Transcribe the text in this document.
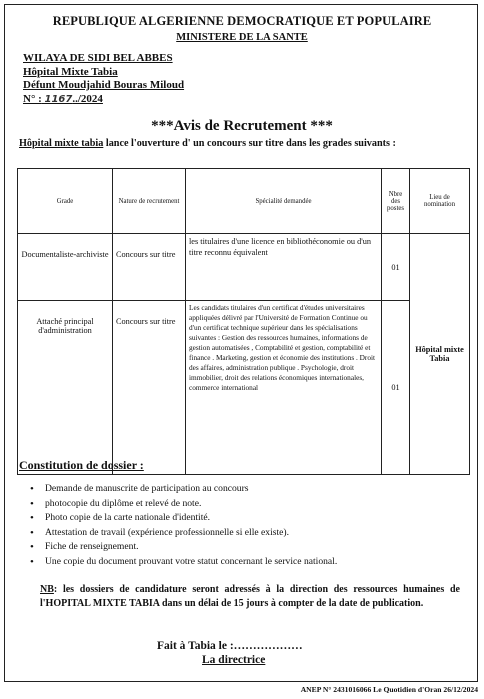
REPUBLIQUE ALGERIENNE DEMOCRATIQUE ET POPULAIRE
MINISTERE DE LA SANTE
WILAYA DE SIDI BEL ABBES
Hôpital Mixte Tabia
Défunt Moudjahid Bouras Miloud
N° : 1167../2024
***Avis de Recrutement ***
Hôpital mixte tabia lance l'ouverture d' un concours sur titre dans les grades suivants :
Grade	Nature de recrutement	Spécialité demandée	Nbre des postes	Lieu de nomination
Documentaliste-archiviste	Concours sur titre	les titulaires d'une licence en bibliothéconomie ou d'un titre reconnu équivalent	01	Hôpital mixte Tabia
Attaché principal d'administration	Concours sur titre	Les candidats titulaires d'un certificat d'études universitaires appliquées délivré par l'Université de Formation Continue ou d'un certificat technique supérieur dans les spécialisations suivantes : Gestion des ressources humaines, informations de gestion automatisées , Comptabilité et gestion, comptabilité et finance . Marketing, gestion et économie des institutions . Droit des affaires, administration publique . Psychologie, droit immobilier, droit des relations économiques internationales, commerce international	01	
Constitution de dossier :
• Demande de manuscrite de participation au concours
• photocopie du diplôme et relevé de note.
• Photo copie de la carte nationale d'identité.
• Attestation de travail (expérience professionnelle si elle existe).
• Fiche de renseignement.
• Une copie du document prouvant votre statut concernant le service national.
NB: les dossiers de candidature seront adressés à la direction des ressources humaines de l'HOPITAL MIXTE TABIA dans un délai de 15 jours à compter de la date de publication.
Fait à Tabia le :………………
La directrice
ANEP N° 2431016066 Le Quotidien d'Oran 26/12/2024
